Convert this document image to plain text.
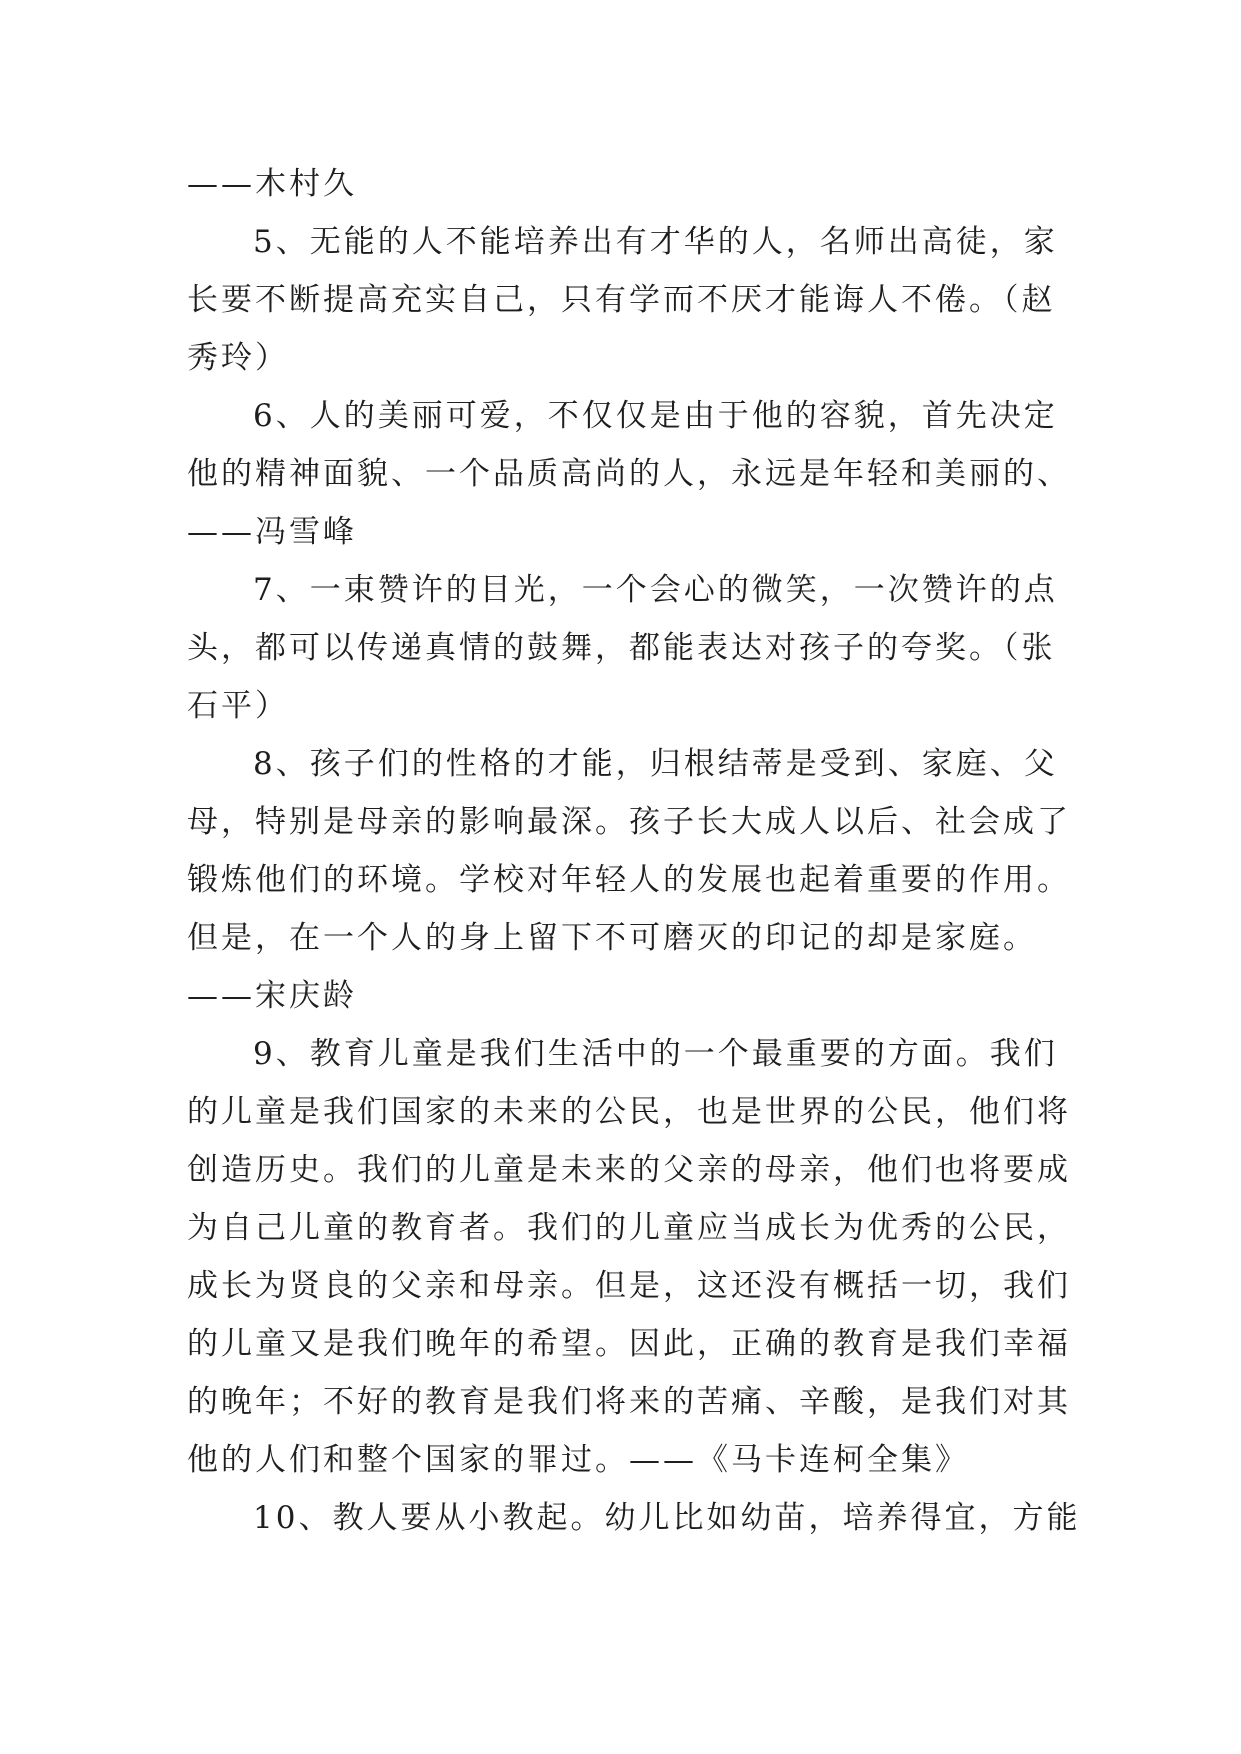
——木村久
5、无能的人不能培养出有才华的人，名师出高徒，家
长要不断提高充实自己，只有学而不厌才能诲人不倦。（赵
秀玲）
6、人的美丽可爱，不仅仅是由于他的容貌，首先决定
他的精神面貌、一个品质高尚的人，永远是年轻和美丽的、
——冯雪峰
7、一束赞许的目光，一个会心的微笑，一次赞许的点
头，都可以传递真情的鼓舞，都能表达对孩子的夸奖。（张
石平）
8、孩子们的性格的才能，归根结蒂是受到、家庭、父
母，特别是母亲的影响最深。孩子长大成人以后、社会成了
锻炼他们的环境。学校对年轻人的发展也起着重要的作用。
但是，在一个人的身上留下不可磨灭的印记的却是家庭。
——宋庆龄
9、教育儿童是我们生活中的一个最重要的方面。我们
的儿童是我们国家的未来的公民，也是世界的公民，他们将
创造历史。我们的儿童是未来的父亲的母亲，他们也将要成
为自己儿童的教育者。我们的儿童应当成长为优秀的公民，
成长为贤良的父亲和母亲。但是，这还没有概括一切，我们
的儿童又是我们晚年的希望。因此，正确的教育是我们幸福
的晚年；不好的教育是我们将来的苦痛、辛酸，是我们对其
他的人们和整个国家的罪过。——《马卡连柯全集》
10、教人要从小教起。幼儿比如幼苗，培养得宜，方能
